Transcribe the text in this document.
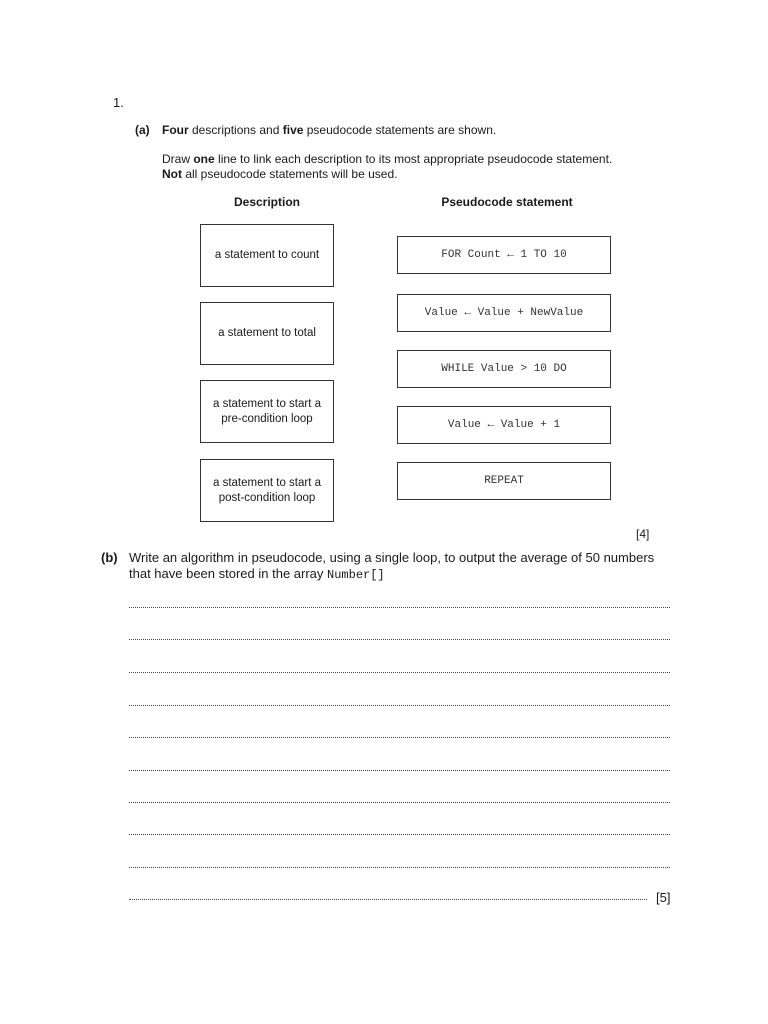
1.
(a) Four descriptions and five pseudocode statements are shown.
Draw one line to link each description to its most appropriate pseudocode statement.
Not all pseudocode statements will be used.
Description	Pseudocode statement
a statement to count
a statement to total
a statement to start a pre-condition loop
a statement to start a post-condition loop
FOR Count ← 1 TO 10
Value ← Value + NewValue
WHILE Value > 10 DO
Value ← Value + 1
REPEAT
[4]
(b) Write an algorithm in pseudocode, using a single loop, to output the average of 50 numbers
that have been stored in the array Number[]
[5]
